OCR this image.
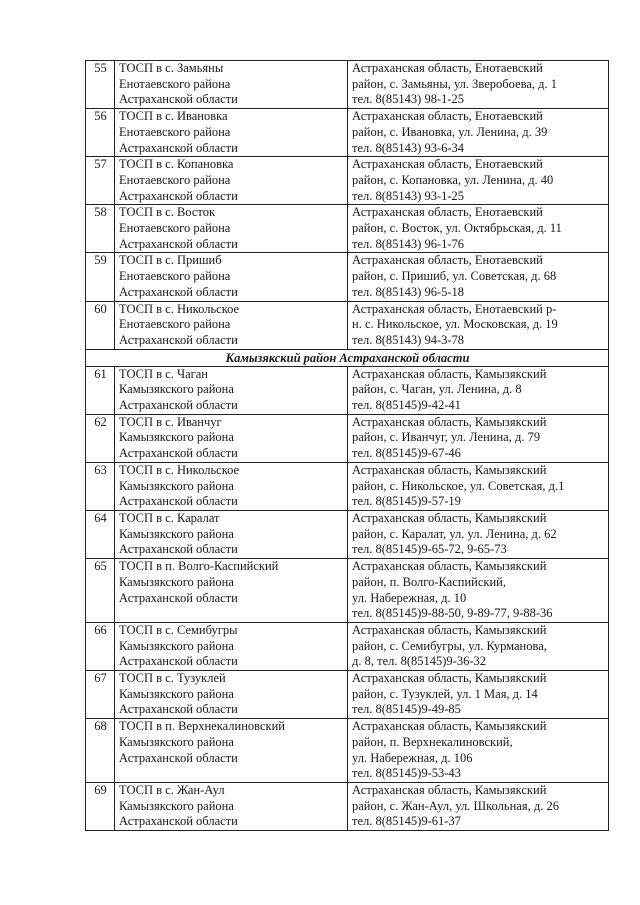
55	ТОСП в с. Замьяны
Енотаевского района
Астраханской области	Астраханская область, Енотаевский
район, с. Замьяны, ул. Зверобоева, д. 1
тел. 8(85143) 98-1-25

56	ТОСП в с. Ивановка
Енотаевского района
Астраханской области	Астраханская область, Енотаевский
район, с. Ивановка, ул. Ленина, д. 39
тел. 8(85143) 93-6-34

57	ТОСП в с. Копановка
Енотаевского района
Астраханской области	Астраханская область, Енотаевский
район, с. Копановка, ул. Ленина, д. 40
тел. 8(85143) 93-1-25

58	ТОСП в с. Восток
Енотаевского района
Астраханской области	Астраханская область, Енотаевский
район, с. Восток, ул. Октябрьская, д. 11
тел. 8(85143) 96-1-76

59	ТОСП в с. Пришиб
Енотаевского района
Астраханской области	Астраханская область, Енотаевский
район, с. Пришиб, ул. Советская, д. 68
тел. 8(85143) 96-5-18

60	ТОСП в с. Никольское
Енотаевского района
Астраханской области	Астраханская область, Енотаевский р-
н. с. Никольское, ул. Московская, д. 19
тел. 8(85143) 94-3-78

Камызякский район Астраханской области		
61	ТОСП в с. Чаган
Камызякского района
Астраханской области	Астраханская область, Камызякский
район, с. Чаган, ул. Ленина, д. 8
тел. 8(85145)9-42-41

62	ТОСП в с. Иванчуг
Камызякского района
Астраханской области	Астраханская область, Камызякский
район, с. Иванчуг, ул. Ленина, д. 79
тел. 8(85145)9-67-46

63	ТОСП в с. Никольское
Камызякского района
Астраханской области	Астраханская область, Камызякский
район, с. Никольское, ул. Советская, д.1
тел. 8(85145)9-57-19

64	ТОСП в с. Каралат
Камызякского района
Астраханской области	Астраханская область, Камызякский
район, с. Каралат, ул. ул. Ленина, д. 62
тел. 8(85145)9-65-72, 9-65-73

65	ТОСП в п. Волго-Каспийский
Камызякского района
Астраханской области	Астраханская область, Камызякский
район, п. Волго-Каспийский,
ул. Набережная, д. 10
тел. 8(85145)9-88-50, 9-89-77, 9-88-36

66	ТОСП в с. Семибугры
Камызякского района
Астраханской области	Астраханская область, Камызякский
район, с. Семибугры, ул. Курманова,
д. 8, тел. 8(85145)9-36-32

67	ТОСП в с. Тузуклей
Камызякского района
Астраханской области	Астраханская область, Камызякский
район, с. Тузуклей, ул. 1 Мая, д. 14
тел. 8(85145)9-49-85

68	ТОСП в п. Верхнекалиновский
Камызякского района
Астраханской области	Астраханская область, Камызякский
район, п. Верхнекалиновский,
ул. Набережная, д. 106
тел. 8(85145)9-53-43

69	ТОСП в с. Жан-Аул
Камызякского района
Астраханской области	Астраханская область, Камызякский
район, с. Жан-Аул, ул. Школьная, д. 26
тел. 8(85145)9-61-37
